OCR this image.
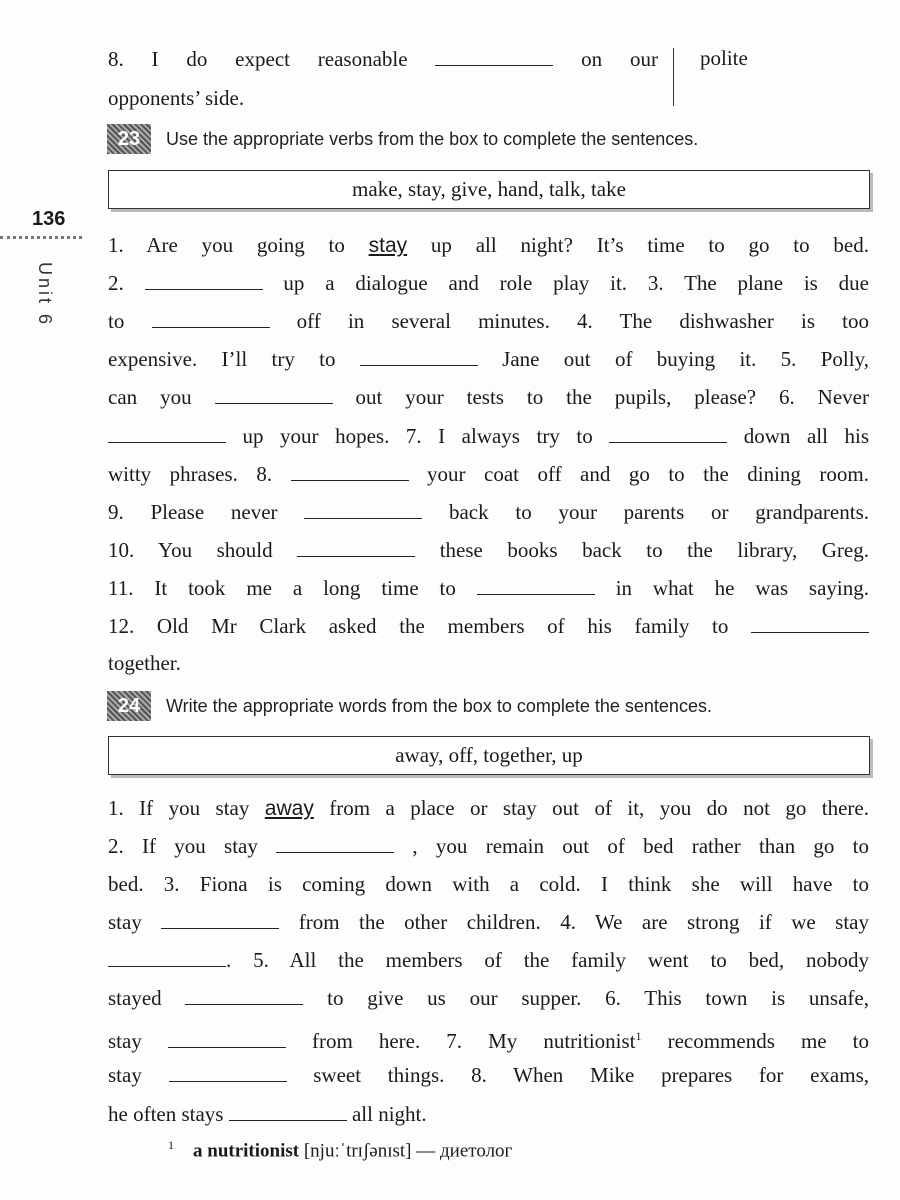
136
Unit 6
8. I do expect reasonable	on our
opponents’ side.
polite
23	Use the appropriate verbs from the box to complete the sentences.
make, stay, give, hand, talk, take
1. Are you going to stay up all night? It’s time to go to bed.
2.	up a dialogue and role play it. 3. The plane is due
to	off in several minutes. 4. The dishwasher is too
expensive. I’ll try to	Jane out of buying it. 5. Polly,
can you	out your tests to the pupils, please? 6. Never
up your hopes. 7. I always try to	down all his
witty phrases. 8.	your coat off and go to the dining room.
9. Please never	back to your parents or grandparents.
10. You should	these books back to the library, Greg.
11. It took me a long time to	in what he was saying.
12. Old Mr Clark asked the members of his family to
together.
24	Write the appropriate words from the box to complete the sentences.
away, off, together, up
1. If you stay away from a place or stay out of it, you do not go there.
2. If you stay	, you remain out of bed rather than go to
bed. 3. Fiona is coming down with a cold. I think she will have to
stay	from the other children. 4. We are strong if we stay
. 5. All the members of the family went to bed, nobody
stayed	to give us our supper. 6. This town is unsafe,
stay	from here. 7. My nutritionist$^1$ recommends me to
stay	sweet things. 8. When Mike prepares for exams,
he often stays	all night.
$^1$ a nutritionist [njuːˈtrɪʃənɪst] — диетолог
